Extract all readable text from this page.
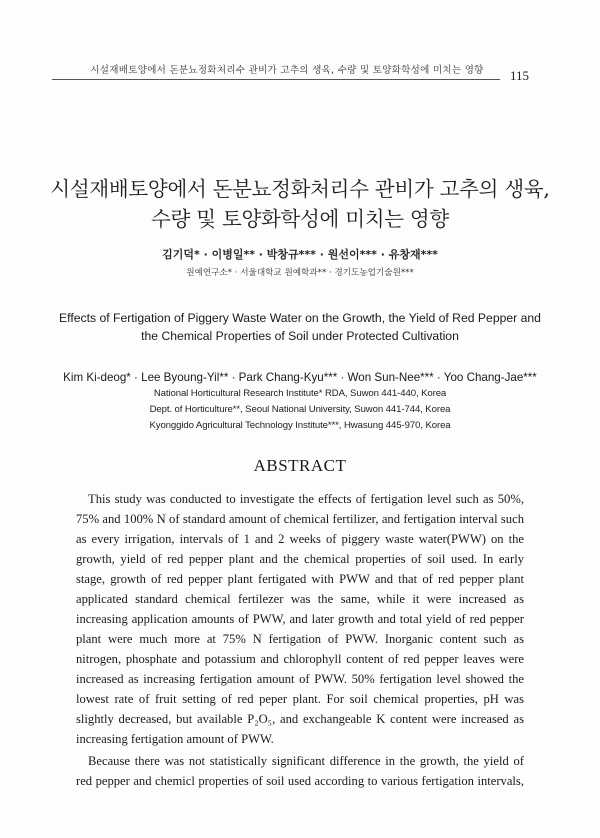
시설재배토양에서 돈분뇨정화처리수 관비가 고추의 생육, 수량 및 토양화학성에 미치는 영향	115
시설재배토양에서 돈분뇨정화처리수 관비가 고추의 생육,
수량 및 토양화학성에 미치는 영향
김기덕* · 이병일** · 박창규*** · 원선이*** · 유창재***
원예연구소* · 서울대학교 원예학과** · 경기도농업기술원***
Effects of Fertigation of Piggery Waste Water on the Growth, the Yield of Red Pepper and
the Chemical Properties of Soil under Protected Cultivation
Kim Ki-deog* · Lee Byoung-Yil** · Park Chang-Kyu*** · Won Sun-Nee*** · Yoo Chang-Jae***
National Horticultural Research Institute* RDA, Suwon 441-440, Korea
Dept. of Horticulture**, Seoul National University, Suwon 441-744, Korea
Kyonggido Agricultural Technology Institute***, Hwasung 445-970, Korea
ABSTRACT
This study was conducted to investigate the effects of fertigation level such as 50%,
75% and 100% N of standard amount of chemical fertilizer, and fertigation interval such
as every irrigation, intervals of 1 and 2 weeks of piggery waste water(PWW) on the
growth, yield of red pepper plant and the chemical properties of soil used. In early
stage, growth of red pepper plant fertigated with PWW and that of red pepper plant
applicated standard chemical fertilezer was the same, while it were increased as
increasing application amounts of PWW, and later growth and total yield of red pepper
plant were much more at 75% N fertigation of PWW. Inorganic content such as
nitrogen, phosphate and potassium and chlorophyll content of red pepper leaves were
increased as increasing fertigation amount of PWW. 50% fertigation level showed the
lowest rate of fruit setting of red peper plant. For soil chemical properties, pH was
slightly decreased, but available P₂O₅, and exchangeable K content were increased as
increasing fertigation amount of PWW.
Because there was not statistically significant difference in the growth, the yield of
red pepper and chemicl properties of soil used according to various fertigation intervals,
